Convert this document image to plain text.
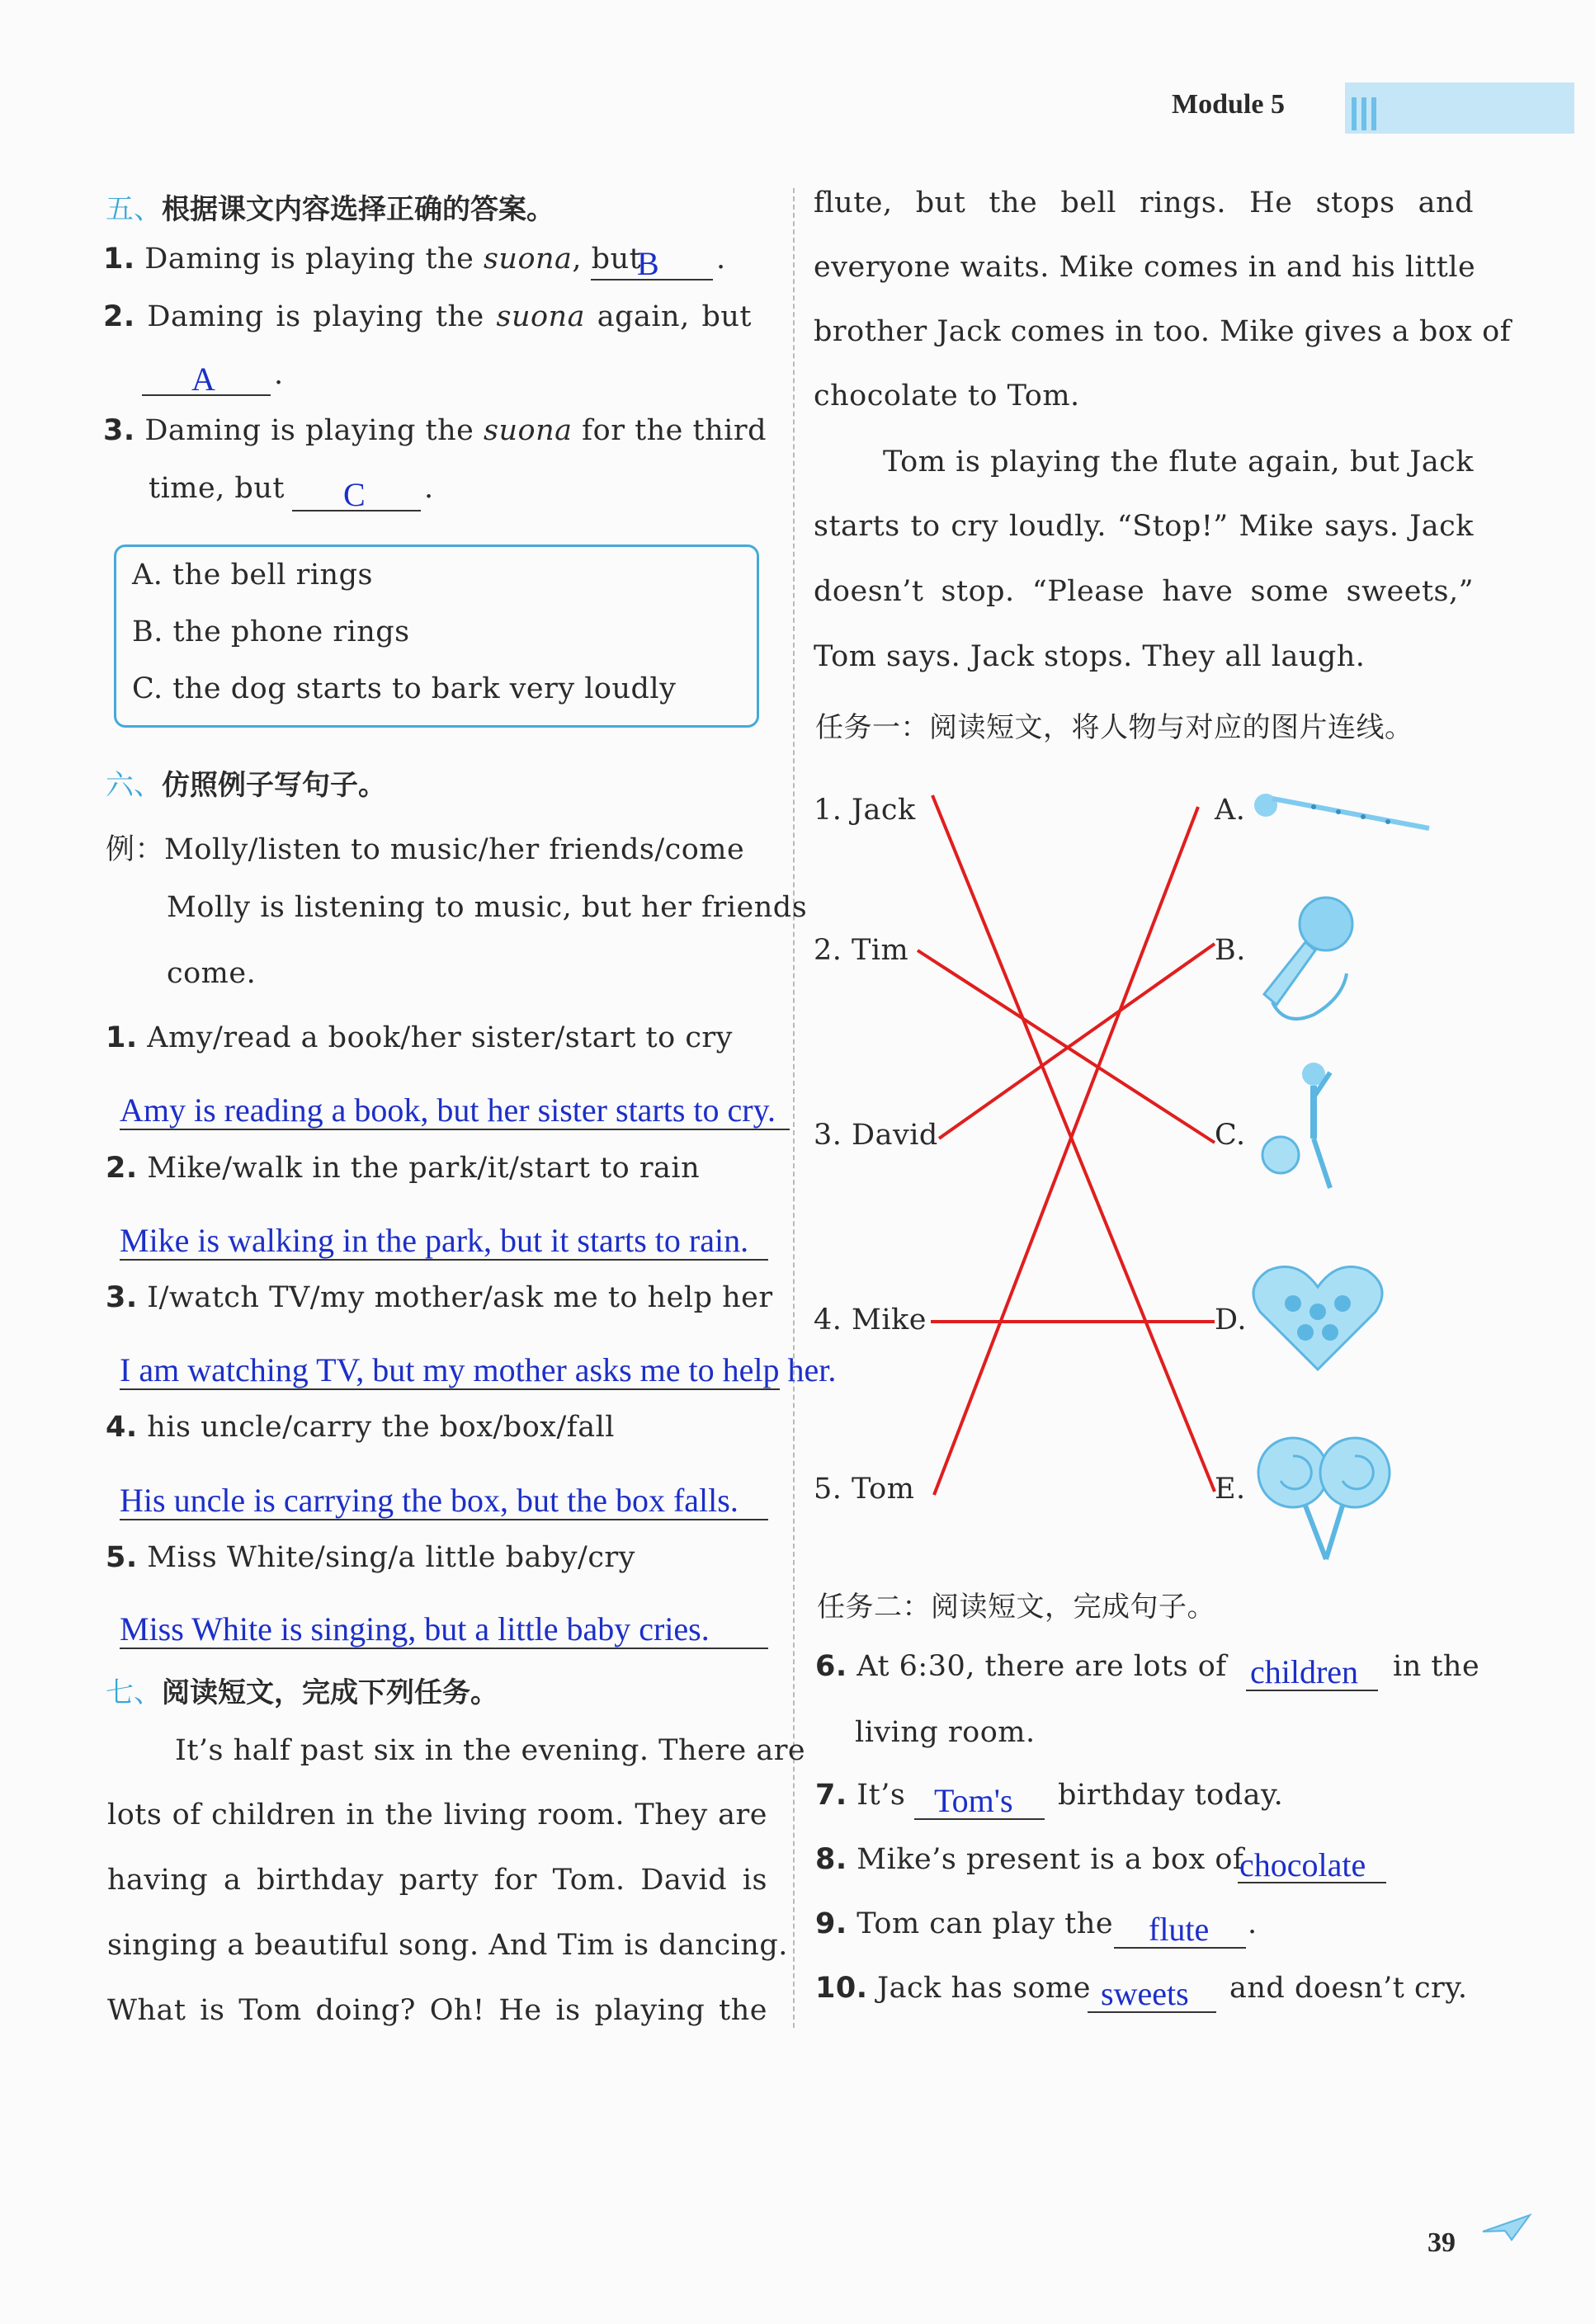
Module 5
五、根据课文内容选择正确的答案。
1. Daming is playing the suona, but
B .
2. Daming is playing the suona again, but
A .
3. Daming is playing the suona for the third
time, but C .
A. the bell rings
B. the phone rings
C. the dog starts to bark very loudly
六、仿照例子写句子。
例：Molly/listen to music/her friends/come
Molly is listening to music, but her friends
come.
1. Amy/read a book/her sister/start to cry
Amy is reading a book, but her sister starts to cry.
2. Mike/walk in the park/it/start to rain
Mike is walking in the park, but it starts to rain.
3. I/watch TV/my mother/ask me to help her
I am watching TV, but my mother asks me to help her.
4. his uncle/carry the box/box/fall
His uncle is carrying the box, but the box falls.
5. Miss White/sing/a little baby/cry
Miss White is singing, but a little baby cries.
七、阅读短文，完成下列任务。
It’s half past six in the evening. There are
lots of children in the living room. They are
having a birthday party for Tom. David is
singing a beautiful song. And Tim is dancing.
What is Tom doing? Oh! He is playing the
flute, but the bell rings. He stops and
everyone waits. Mike comes in and his little
brother Jack comes in too. Mike gives a box of
chocolate to Tom.
Tom is playing the flute again, but Jack
starts to cry loudly. “Stop!” Mike says. Jack
doesn’t stop. “Please have some sweets,”
Tom says. Jack stops. They all laugh.
任务一：阅读短文，将人物与对应的图片连线。
1. Jack
2. Tim
3. David
4. Mike
5. Tom
A.
B.
C.
D.
E.
任务二：阅读短文，完成句子。
6. At 6:30, there are lots of children in the
living room.
7. It’s Tom's birthday today.
8. Mike’s present is a box of
chocolate
9. Tom can play the flute .
10. Jack has some sweets and doesn’t cry.
39
